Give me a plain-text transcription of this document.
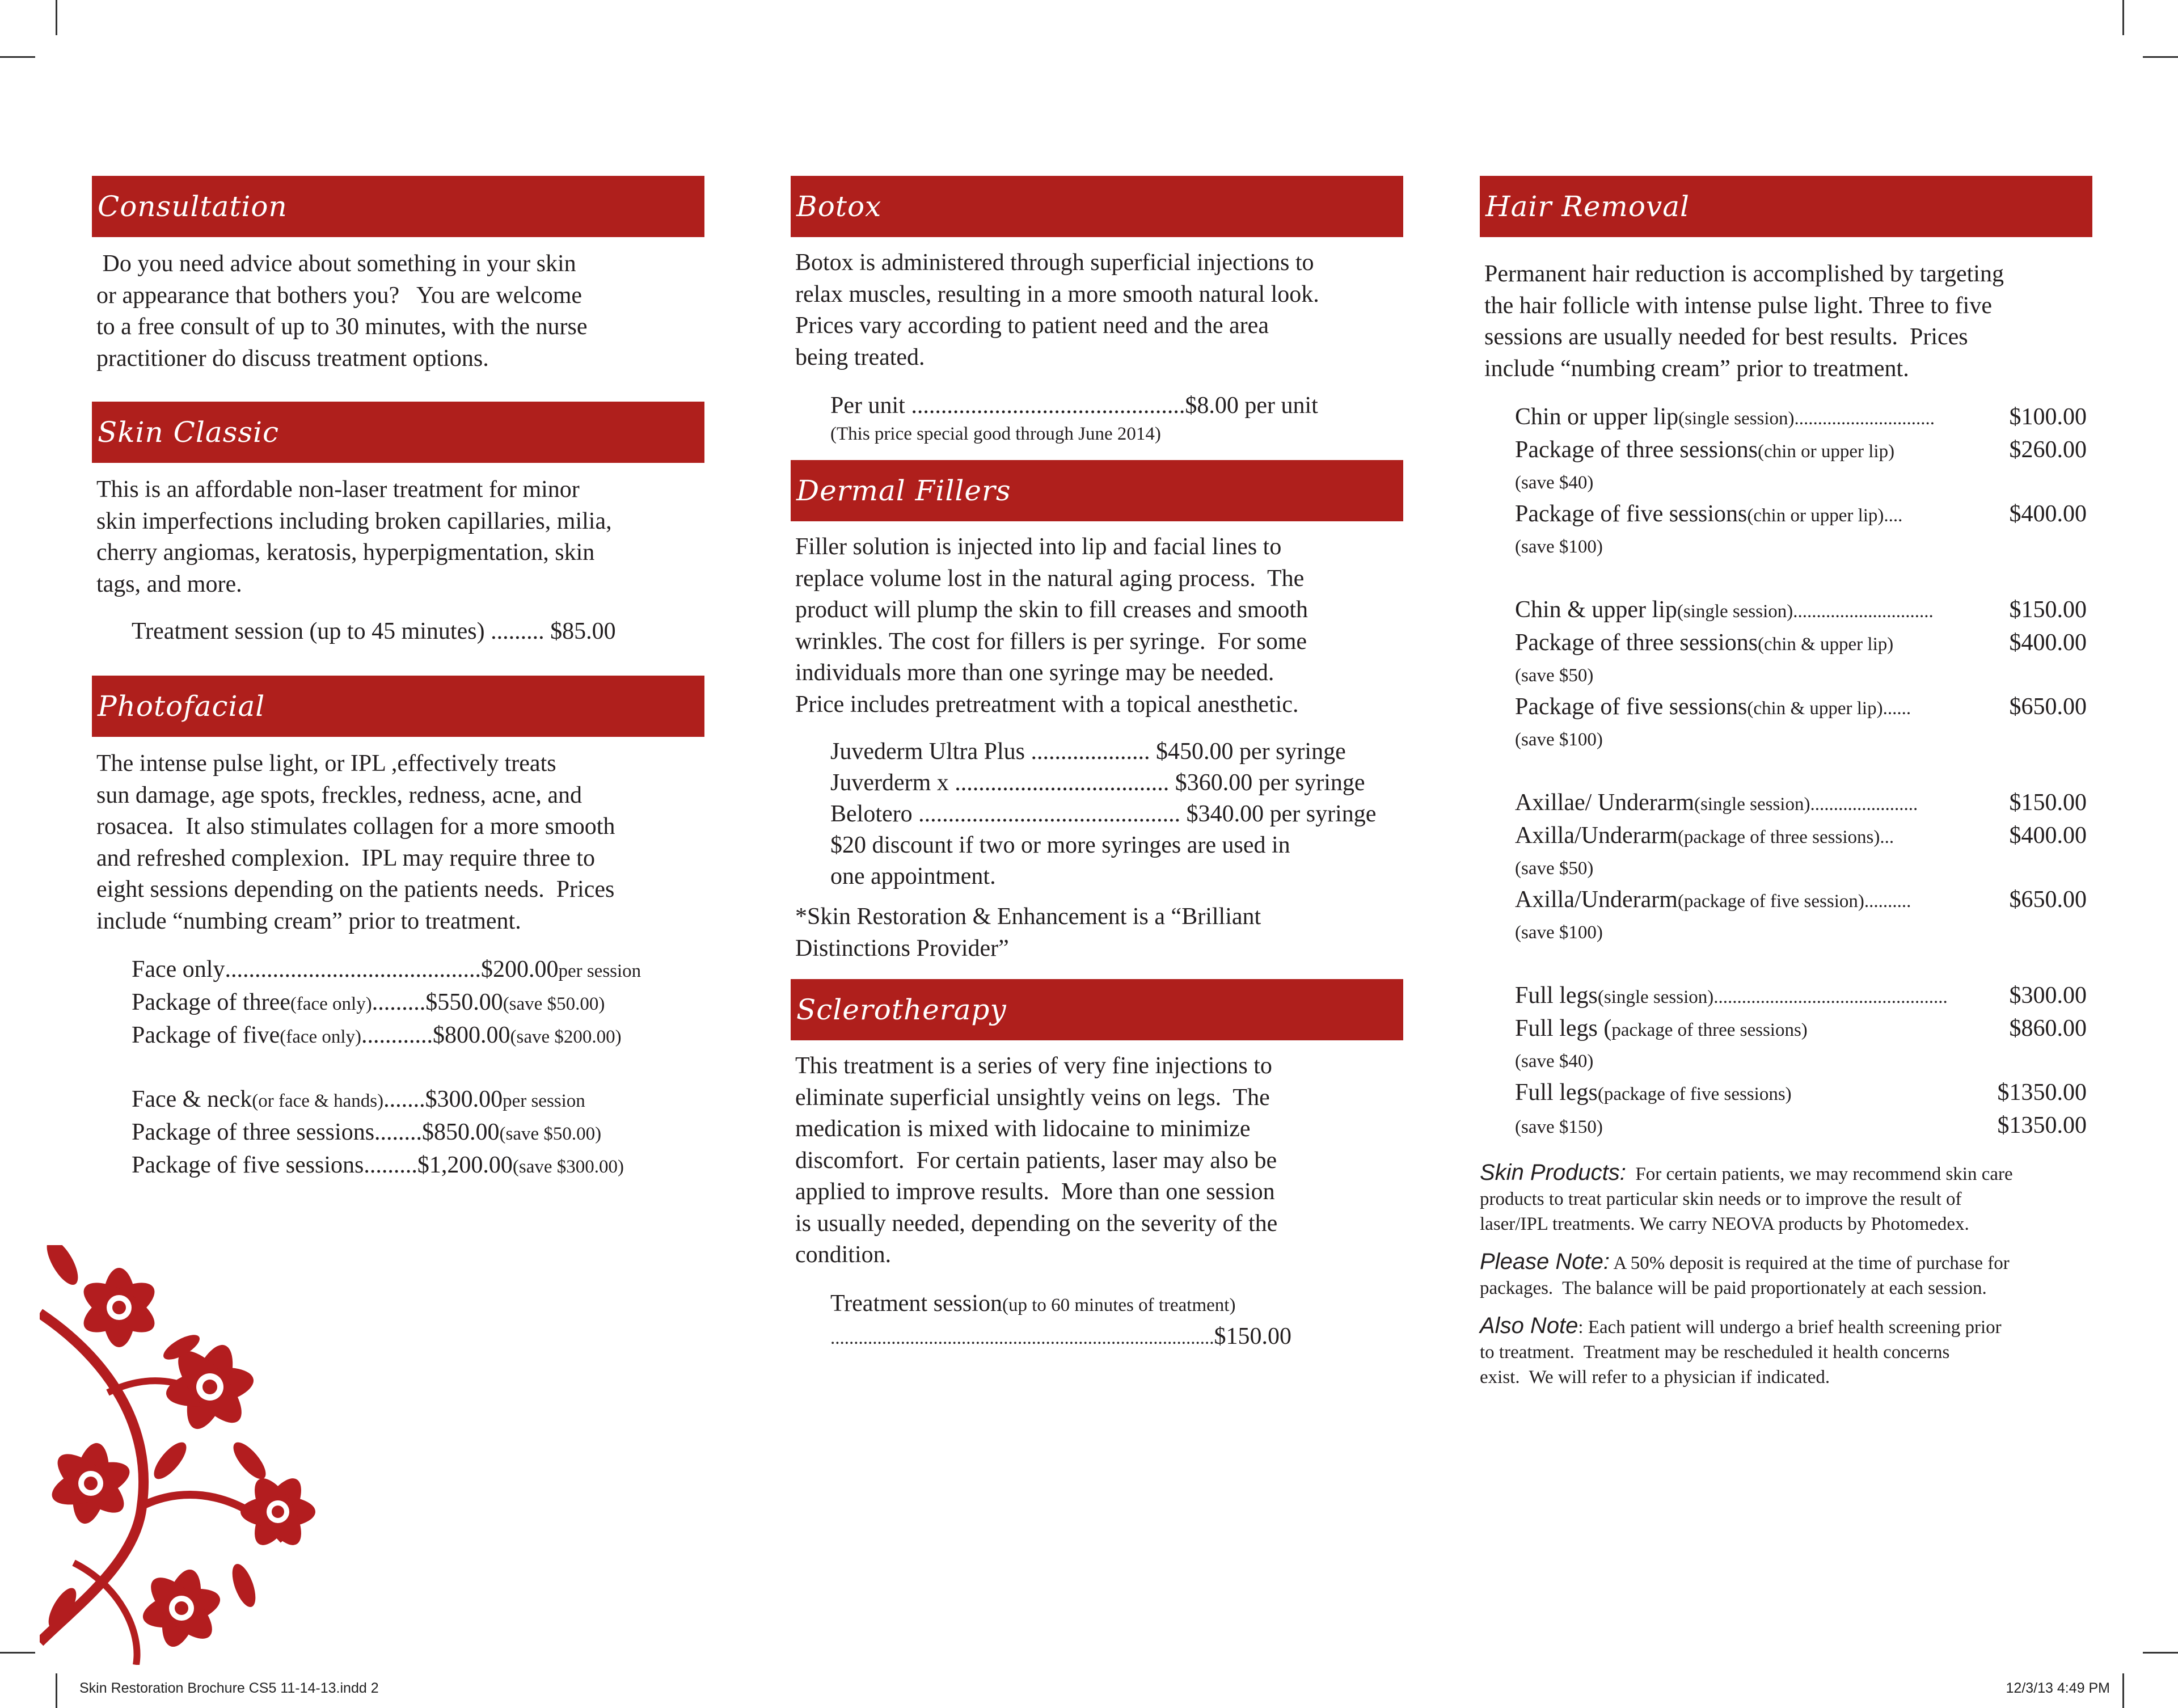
Consultation

Do you need advice about something in your skin
or appearance that bothers you?   You are welcome
to a free consult of up to 30 minutes, with the nurse
practitioner do discuss treatment options.

Skin Classic

This is an affordable non-laser treatment for minor
skin imperfections including broken capillaries, milia,
cherry angiomas, keratosis, hyperpigmentation, skin
tags, and more.

Treatment session (up to 45 minutes) ......... $85.00
Photofacial

The intense pulse light, or IPL ,effectively treats
sun damage, age spots, freckles, redness, acne, and
rosacea.  It also stimulates collagen for a more smooth
and refreshed complexion.  IPL may require three to
eight sessions depending on the patients needs.  Prices
include “numbing cream” prior to treatment.

Face only ........................................... $200.00 per session
Package of three (face only) ......... $550.00 (save $50.00)
Package of five (face only) ............ $800.00 (save $200.00)
Face & neck (or face & hands) ....... $300.00 per session
Package of three sessions ........ $850.00 (save $50.00)
Package of five sessions ......... $1,200.00 (save $300.00)
Botox

Botox is administered through superficial injections to
relax muscles, resulting in a more smooth natural look.
Prices vary according to patient need and the area
being treated.

Per unit ..............................................$8.00 per unit
(This price special good through June 2014)
Dermal Fillers

Filler solution is injected into lip and facial lines to
replace volume lost in the natural aging process.  The
product will plump the skin to fill creases and smooth
wrinkles. The cost for fillers is per syringe.  For some
individuals more than one syringe may be needed.
Price includes pretreatment with a topical anesthetic.

Juvederm Ultra Plus .................... $450.00 per syringe
Juverderm x .................................... $360.00 per syringe
Belotero ............................................ $340.00 per syringe
$20 discount if two or more syringes are used in
one appointment.

*Skin Restoration & Enhancement is a “Brilliant
Distinctions Provider”

Sclerotherapy

This treatment is a series of very fine injections to
eliminate superficial unsightly veins on legs.  The
medication is mixed with lidocaine to minimize
discomfort.  For certain patients, laser may also be
applied to improve results.  More than one session
is usually needed, depending on the severity of the
condition.

Treatment session (up to 60 minutes of treatment)
.................................................................................. $150.00
Hair Removal

Permanent hair reduction is accomplished by targeting
the hair follicle with intense pulse light. Three to five
sessions are usually needed for best results.  Prices
include “numbing cream” prior to treatment.

Chin or upper lip (single session)..............................	$100.00
Package of three sessions (chin or upper lip)	$260.00
(save $40)
Package of five sessions (chin or upper lip)....	$400.00
(save $100)
Chin & upper lip (single session)..............................	$150.00
Package of three sessions (chin & upper lip)	$400.00
(save $50)
Package of five sessions (chin & upper lip)......	$650.00
(save $100)
Axillae/ Underarm (single session).......................	$150.00
Axilla/Underarm (package of three sessions)...	$400.00
(save $50)
Axilla/Underarm (package of five session)..........	$650.00
(save $100)
Full legs (single session)..................................................	$300.00
Full legs ( package of three sessions)	$860.00
(save $40)
Full legs (package of five sessions)	$1350.00
(save $150)	$1350.00

Skin Products:  For certain patients, we may recommend skin care
products to treat particular skin needs or to improve the result of
laser/IPL treatments. We carry NEOVA products by Photomedex.

Please Note: A 50% deposit is required at the time of purchase for
packages.  The balance will be paid proportionately at each session.

Also Note: Each patient will undergo a brief health screening prior
to treatment.  Treatment may be rescheduled it health concerns
exist.  We will refer to a physician if indicated.

Skin Restoration Brochure CS5 11-14-13.indd 2	12/3/13 4:49 PM
